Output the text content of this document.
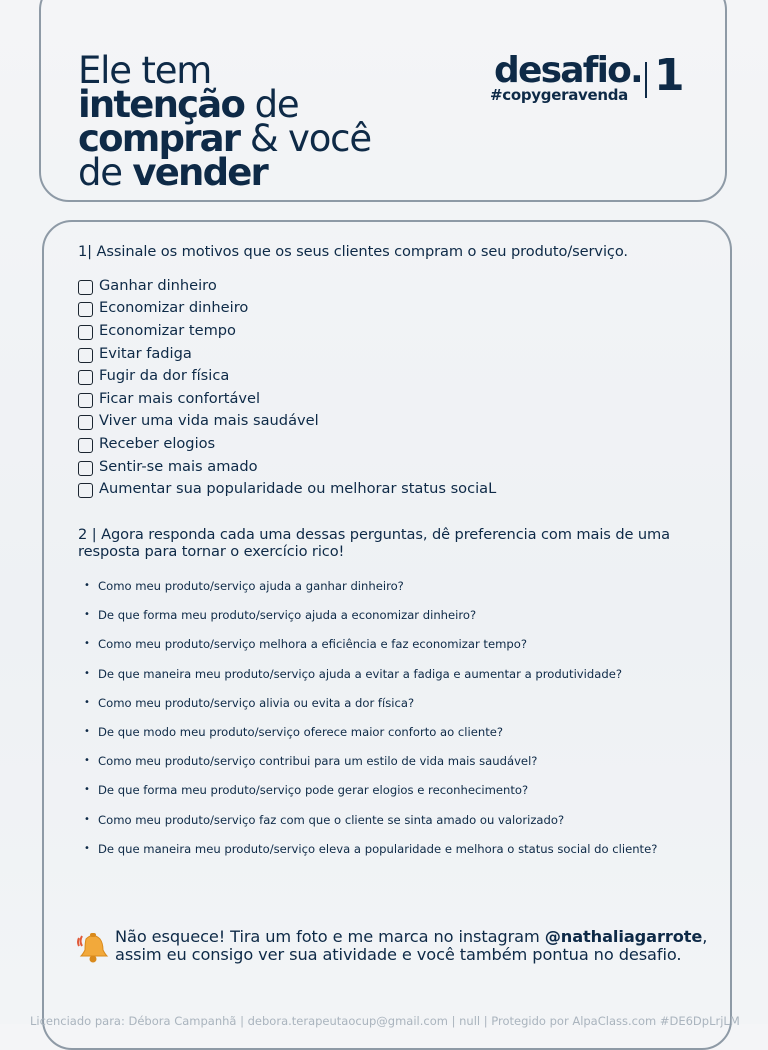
Ele tem
intenção de
comprar & você
de vender
desafio.
#copygeravenda 1
1| Assinale os motivos que os seus clientes compram o seu produto/serviço.
Ganhar dinheiro
Economizar dinheiro
Economizar tempo
Evitar fadiga
Fugir da dor física
Ficar mais confortável
Viver uma vida mais saudável
Receber elogios
Sentir-se mais amado
Aumentar sua popularidade ou melhorar status sociaL
2 | Agora responda cada uma dessas perguntas, dê preferencia com mais de uma resposta para tornar o exercício rico!
• Como meu produto/serviço ajuda a ganhar dinheiro?
• De que forma meu produto/serviço ajuda a economizar dinheiro?
• Como meu produto/serviço melhora a eficiência e faz economizar tempo?
• De que maneira meu produto/serviço ajuda a evitar a fadiga e aumentar a produtividade?
• Como meu produto/serviço alivia ou evita a dor física?
• De que modo meu produto/serviço oferece maior conforto ao cliente?
• Como meu produto/serviço contribui para um estilo de vida mais saudável?
• De que forma meu produto/serviço pode gerar elogios e reconhecimento?
• Como meu produto/serviço faz com que o cliente se sinta amado ou valorizado?
• De que maneira meu produto/serviço eleva a popularidade e melhora o status social do cliente?
Não esquece! Tira um foto e me marca no instagram @nathaliagarrote,
assim eu consigo ver sua atividade e você também pontua no desafio.
Licenciado para: Débora Campanhã | debora.terapeutaocup@gmail.com | null | Protegido por AlpaClass.com #DE6DpLrjLM
